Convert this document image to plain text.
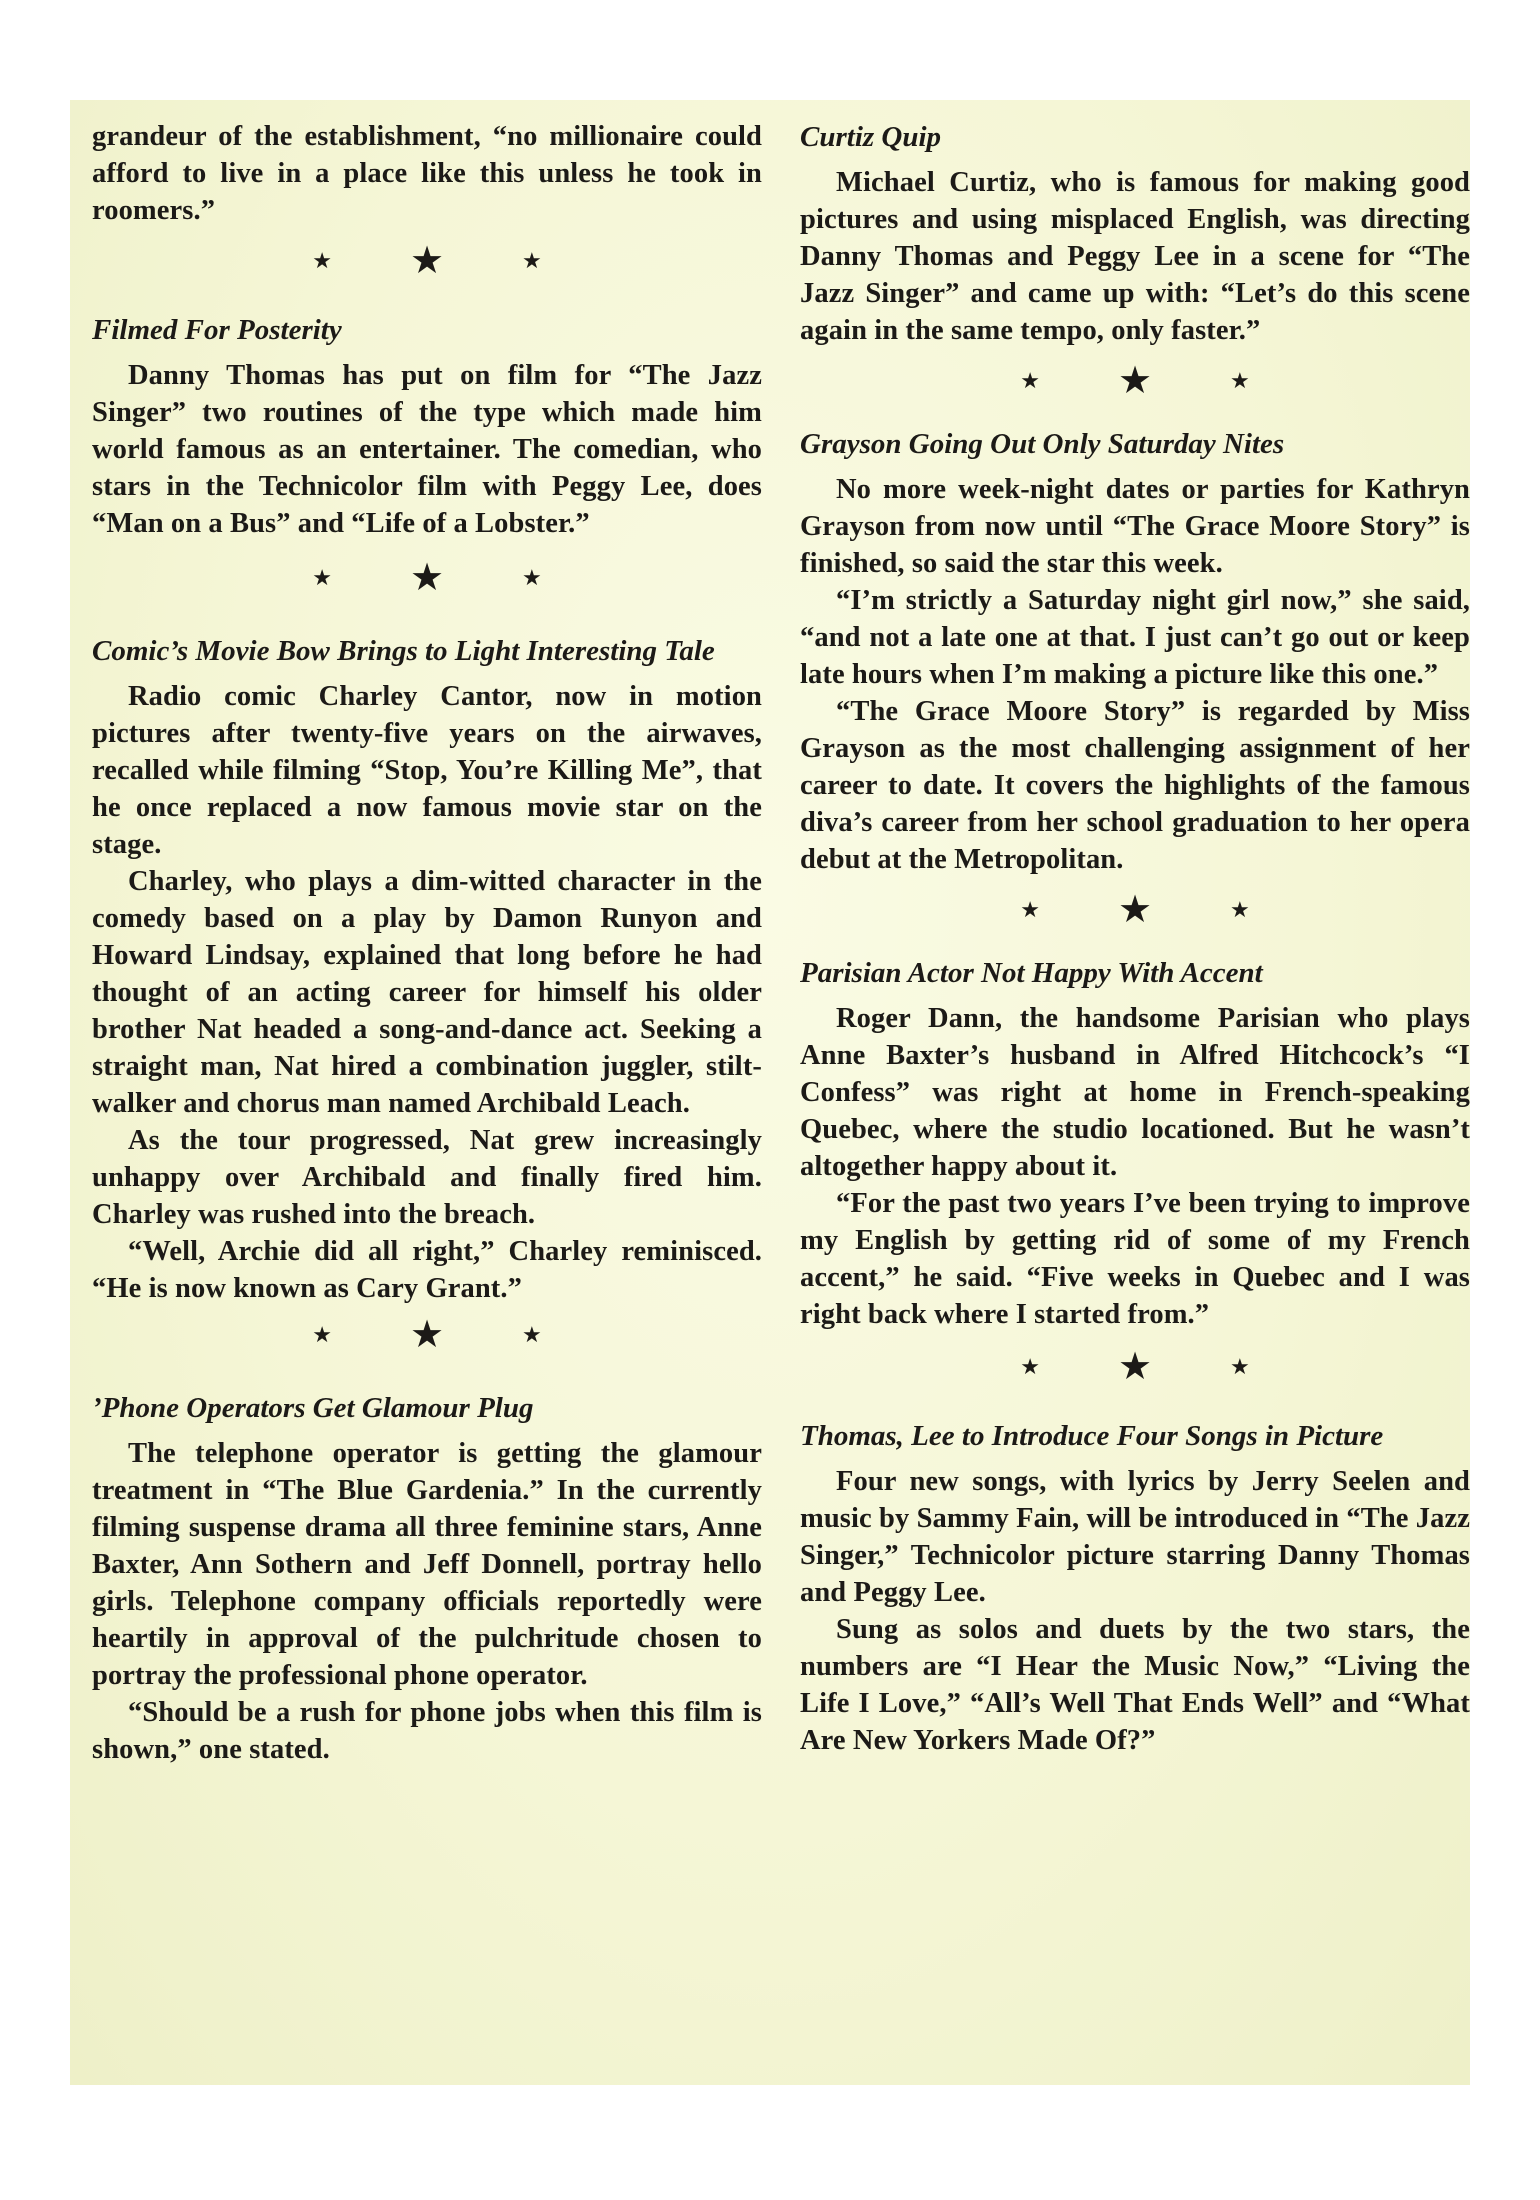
grandeur of the establishment, “no millionaire could afford to live in a place like this unless he took in roomers.”

★ ★	★
Filmed For Posterity

Danny Thomas has put on film for “The Jazz Singer” two routines of the type which made him world famous as an entertainer. The comedian, who stars in the Technicolor film with Peggy Lee, does “Man on a Bus” and “Life of a Lobster.”

★ ★	★
Comic’s Movie Bow Brings to Light Interesting Tale

Radio comic Charley Cantor, now in motion pictures after twenty-five years on the airwaves, recalled while filming “Stop, You’re Killing Me”, that he once replaced a now famous movie star on the stage.

Charley, who plays a dim-witted character in the comedy based on a play by Damon Runyon and Howard Lindsay, explained that long before he had thought of an acting career for himself his older brother Nat headed a song-and-dance act. Seeking a straight man, Nat hired a combination juggler, stilt-walker and chorus man named Archibald Leach.

As the tour progressed, Nat grew increasingly unhappy over Archibald and finally fired him. Charley was rushed into the breach.

“Well, Archie did all right,” Charley reminisced. “He is now known as Cary Grant.”

★ ★	★
’Phone Operators Get Glamour Plug

The telephone operator is getting the glamour treatment in “The Blue Gardenia.” In the currently filming suspense drama all three feminine stars, Anne Baxter, Ann Sothern and Jeff Donnell, portray hello girls. Telephone company officials reportedly were heartily in approval of the pulchritude chosen to portray the professional phone operator.

“Should be a rush for phone jobs when this film is shown,” one stated.

Curtiz Quip

Michael Curtiz, who is famous for making good pictures and using misplaced English, was directing Danny Thomas and Peggy Lee in a scene for “The Jazz Singer” and came up with: “Let’s do this scene again in the same tempo, only faster.”

★ ★	★
Grayson Going Out Only Saturday Nites

No more week-night dates or parties for Kathryn Grayson from now until “The Grace Moore Story” is finished, so said the star this week.

“I’m strictly a Saturday night girl now,” she said, “and not a late one at that. I just can’t go out or keep late hours when I’m making a picture like this one.”

“The Grace Moore Story” is regarded by Miss Grayson as the most challenging assignment of her career to date. It covers the highlights of the famous diva’s career from her school graduation to her opera debut at the Metropolitan.

★ ★	★
Parisian Actor Not Happy With Accent

Roger Dann, the handsome Parisian who plays Anne Baxter’s husband in Alfred Hitchcock’s “I Confess” was right at home in French-speaking Quebec, where the studio locationed. But he wasn’t altogether happy about it.

“For the past two years I’ve been trying to improve my English by getting rid of some of my French accent,” he said. “Five weeks in Quebec and I was right back where I started from.”

★ ★	★
Thomas, Lee to Introduce Four Songs in Picture

Four new songs, with lyrics by Jerry Seelen and music by Sammy Fain, will be introduced in “The Jazz Singer,” Technicolor picture starring Danny Thomas and Peggy Lee.

Sung as solos and duets by the two stars, the numbers are “I Hear the Music Now,” “Living the Life I Love,” “All’s Well That Ends Well” and “What Are New Yorkers Made Of?”
